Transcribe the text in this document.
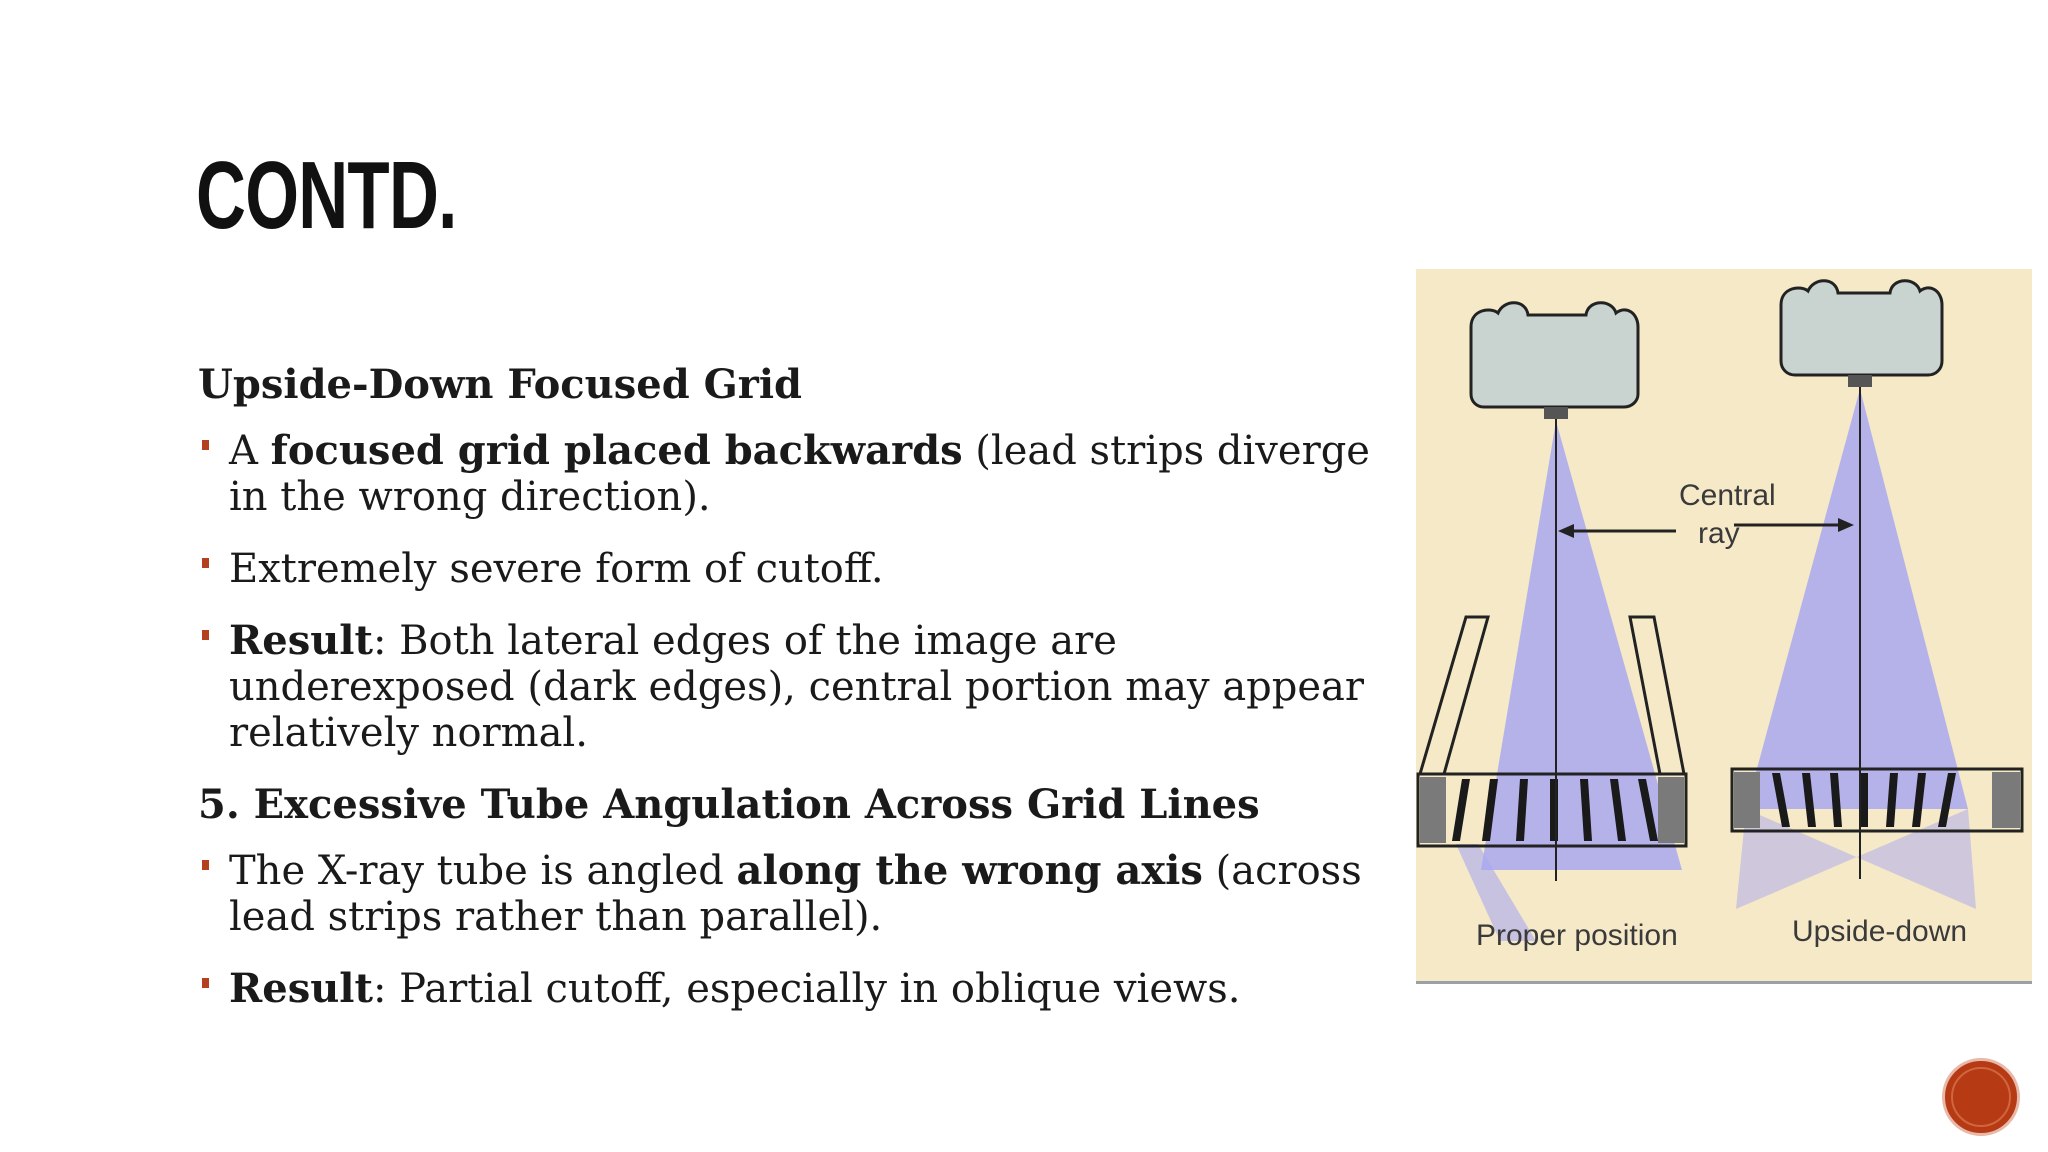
CONTD.
Upside-Down Focused Grid
A focused grid placed backwards (lead strips diverge in the wrong direction).
Extremely severe form of cutoff.
Result: Both lateral edges of the image are underexposed (dark edges), central portion may appear relatively normal.
5. Excessive Tube Angulation Across Grid Lines
The X-ray tube is angled along the wrong axis (across lead strips rather than parallel).
Result: Partial cutoff, especially in oblique views.
Central
ray
Proper position	Upside-down
